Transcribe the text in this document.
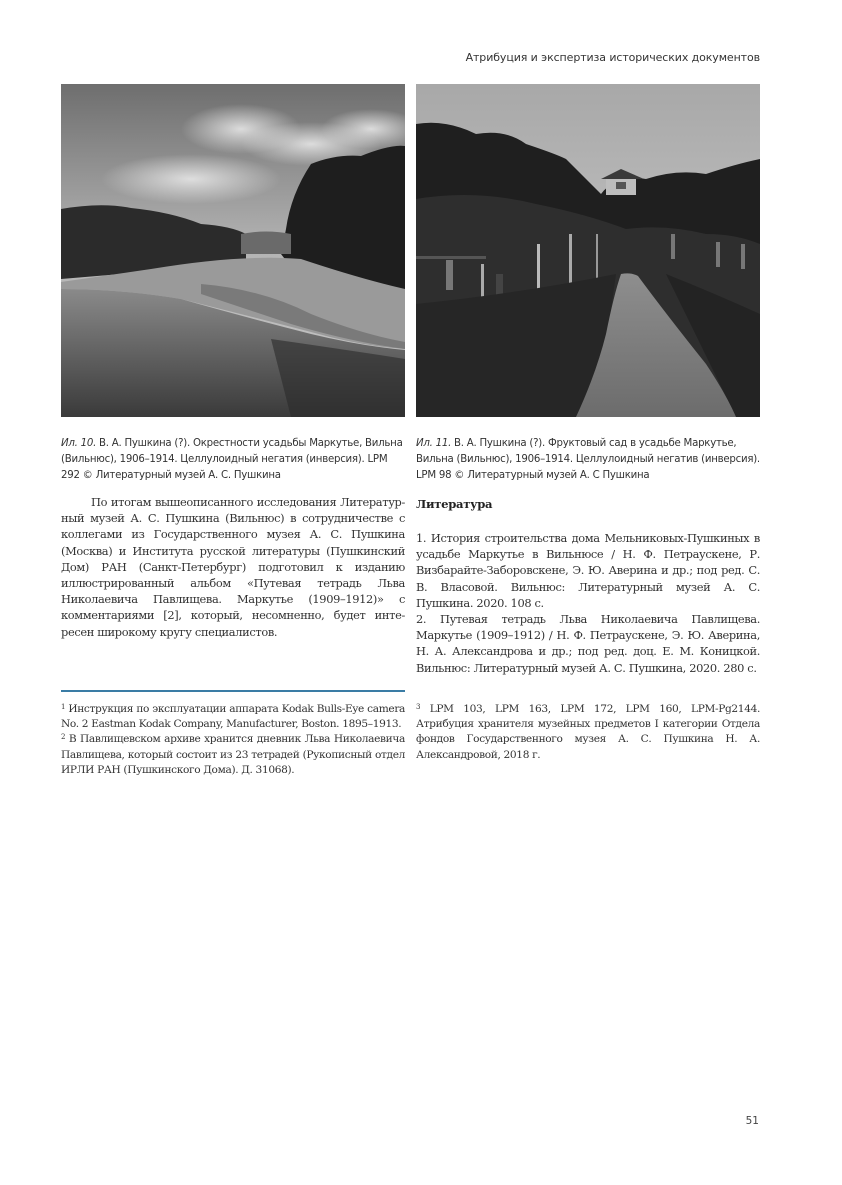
Атрибуция и экспертиза исторических документов
Ил. 10. В. А. Пушкина (?). Окрестности усадьбы Маркутье, Вильна (Вильнюс), 1906–1914. Целлулоидный негатия (инверсия). LPM 292 © Литературный музей А. С. Пушкина
Ил. 11. В. А. Пушкина (?). Фруктовый сад в усадьбе Маркутье, Вильна (Вильнюс), 1906–1914. Целлулоидный негатив (инверсия). LPM 98 © Литературный музей А. С Пушкина

По итогам вышеописанного исследования Литератур-ный музей А. С. Пушкина (Вильнюс) в сотрудничестве с коллегами из Государственного музея А. С. Пушкина (Москва) и Института русской литературы (Пушкинский Дом) РАН (Санкт-Петербург) подготовил к изданию иллюстрированный альбом «Путевая тетрадь Льва Николаевича Павлищева. Маркутье (1909–1912)» с комментариями [2], который, несомненно, будет инте-ресен широкому кругу специалистов.

Литература

1. История строительства дома Мельниковых-Пушкиных в усадьбе Маркутье в Вильнюсе / Н. Ф. Петраускене, Р. Визбарайте-Заборовскене, Э. Ю. Аверина и др.; под ред. С. В. Власовой. Вильнюс: Литературный музей А. С. Пушкина. 2020. 108 с.

2. Путевая тетрадь Льва Николаевича Павлищева. Маркутье (1909–1912) / Н. Ф. Петраускене, Э. Ю. Аверина, Н. А. Александрова и др.; под ред. доц. Е. М. Коницкой. Вильнюс: Литературный музей А. С. Пушкина, 2020. 280 с.

$^1$ Инструкция по эксплуатации аппарата Kodak Bulls-Eye camera No. 2 Eastman Kodak Company, Manufacturer, Boston. 1895–1913.

$^2$ В Павлищевском архиве хранится дневник Льва Николаевича Павлищева, который состоит из 23 тетрадей (Рукописный отдел ИРЛИ РАН (Пушкинского Дома). Д. 31068).

$^3$ LPM 103, LPM 163, LPM 172, LPM 160, LPM-Pg2144. Атрибуция хранителя музейных предметов I категории Отдела фондов Государственного музея А. С. Пушкина Н. А. Александровой, 2018 г.

51
